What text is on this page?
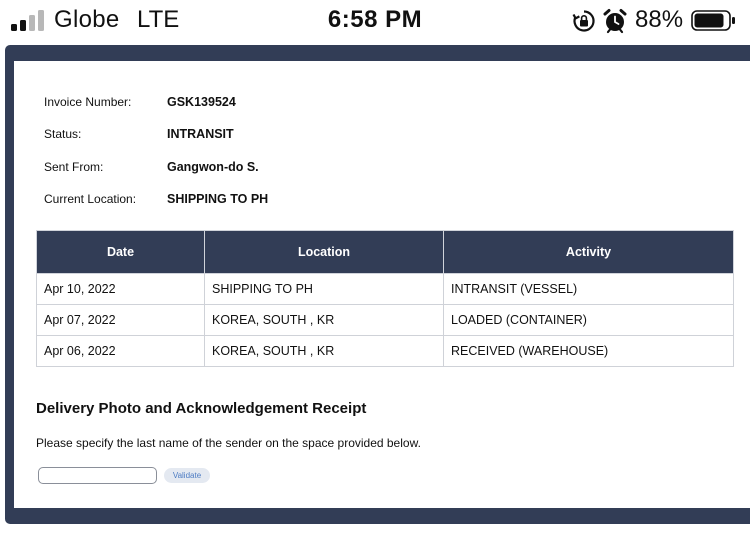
Globe LTE	6:58 PM	88%
Invoice Number:	GSK139524
Status:	INTRANSIT
Sent From:	Gangwon-do S.
Current Location: SHIPPING TO PH
Date	Location	Activity
Apr 10, 2022	SHIPPING TO PH	INTRANSIT (VESSEL)
Apr 07, 2022	KOREA, SOUTH , KR	LOADED (CONTAINER)
Apr 06, 2022	KOREA, SOUTH , KR	RECEIVED (WAREHOUSE)
Delivery Photo and Acknowledgement Receipt
Please specify the last name of the sender on the space provided below.
Validate
